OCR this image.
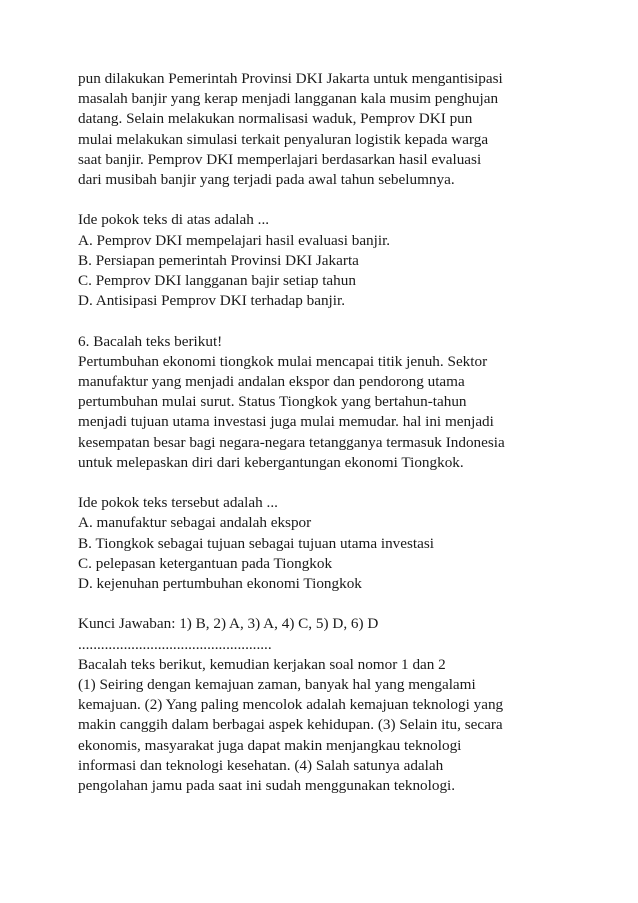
pun dilakukan Pemerintah Provinsi DKI Jakarta untuk mengantisipasi
masalah banjir yang kerap menjadi langganan kala musim penghujan
datang. Selain melakukan normalisasi waduk, Pemprov DKI pun
mulai melakukan simulasi terkait penyaluran logistik kepada warga
saat banjir. Pemprov DKI memperlajari berdasarkan hasil evaluasi
dari musibah banjir yang terjadi pada awal tahun sebelumnya.
Ide pokok teks di atas adalah ...
A. Pemprov DKI mempelajari hasil evaluasi banjir.
B. Persiapan pemerintah Provinsi DKI Jakarta
C. Pemprov DKI langganan bajir setiap tahun
D. Antisipasi Pemprov DKI terhadap banjir.
6. Bacalah teks berikut!
Pertumbuhan ekonomi tiongkok mulai mencapai titik jenuh. Sektor
manufaktur yang menjadi andalan ekspor dan pendorong utama
pertumbuhan mulai surut. Status Tiongkok yang bertahun-tahun
menjadi tujuan utama investasi juga mulai memudar. hal ini menjadi
kesempatan besar bagi negara-negara tetangganya termasuk Indonesia
untuk melepaskan diri dari kebergantungan ekonomi Tiongkok.
Ide pokok teks tersebut adalah ...
A. manufaktur sebagai andalah ekspor
B. Tiongkok sebagai tujuan sebagai tujuan utama investasi
C. pelepasan ketergantuan pada Tiongkok
D. kejenuhan pertumbuhan ekonomi Tiongkok
Kunci Jawaban: 1) B, 2) A, 3) A, 4) C, 5) D, 6) D
...................................................
Bacalah teks berikut, kemudian kerjakan soal nomor 1 dan 2
(1) Seiring dengan kemajuan zaman, banyak hal yang mengalami
kemajuan. (2) Yang paling mencolok adalah kemajuan teknologi yang
makin canggih dalam berbagai aspek kehidupan. (3) Selain itu, secara
ekonomis, masyarakat juga dapat makin menjangkau teknologi
informasi dan teknologi kesehatan. (4) Salah satunya adalah
pengolahan jamu pada saat ini sudah menggunakan teknologi.
